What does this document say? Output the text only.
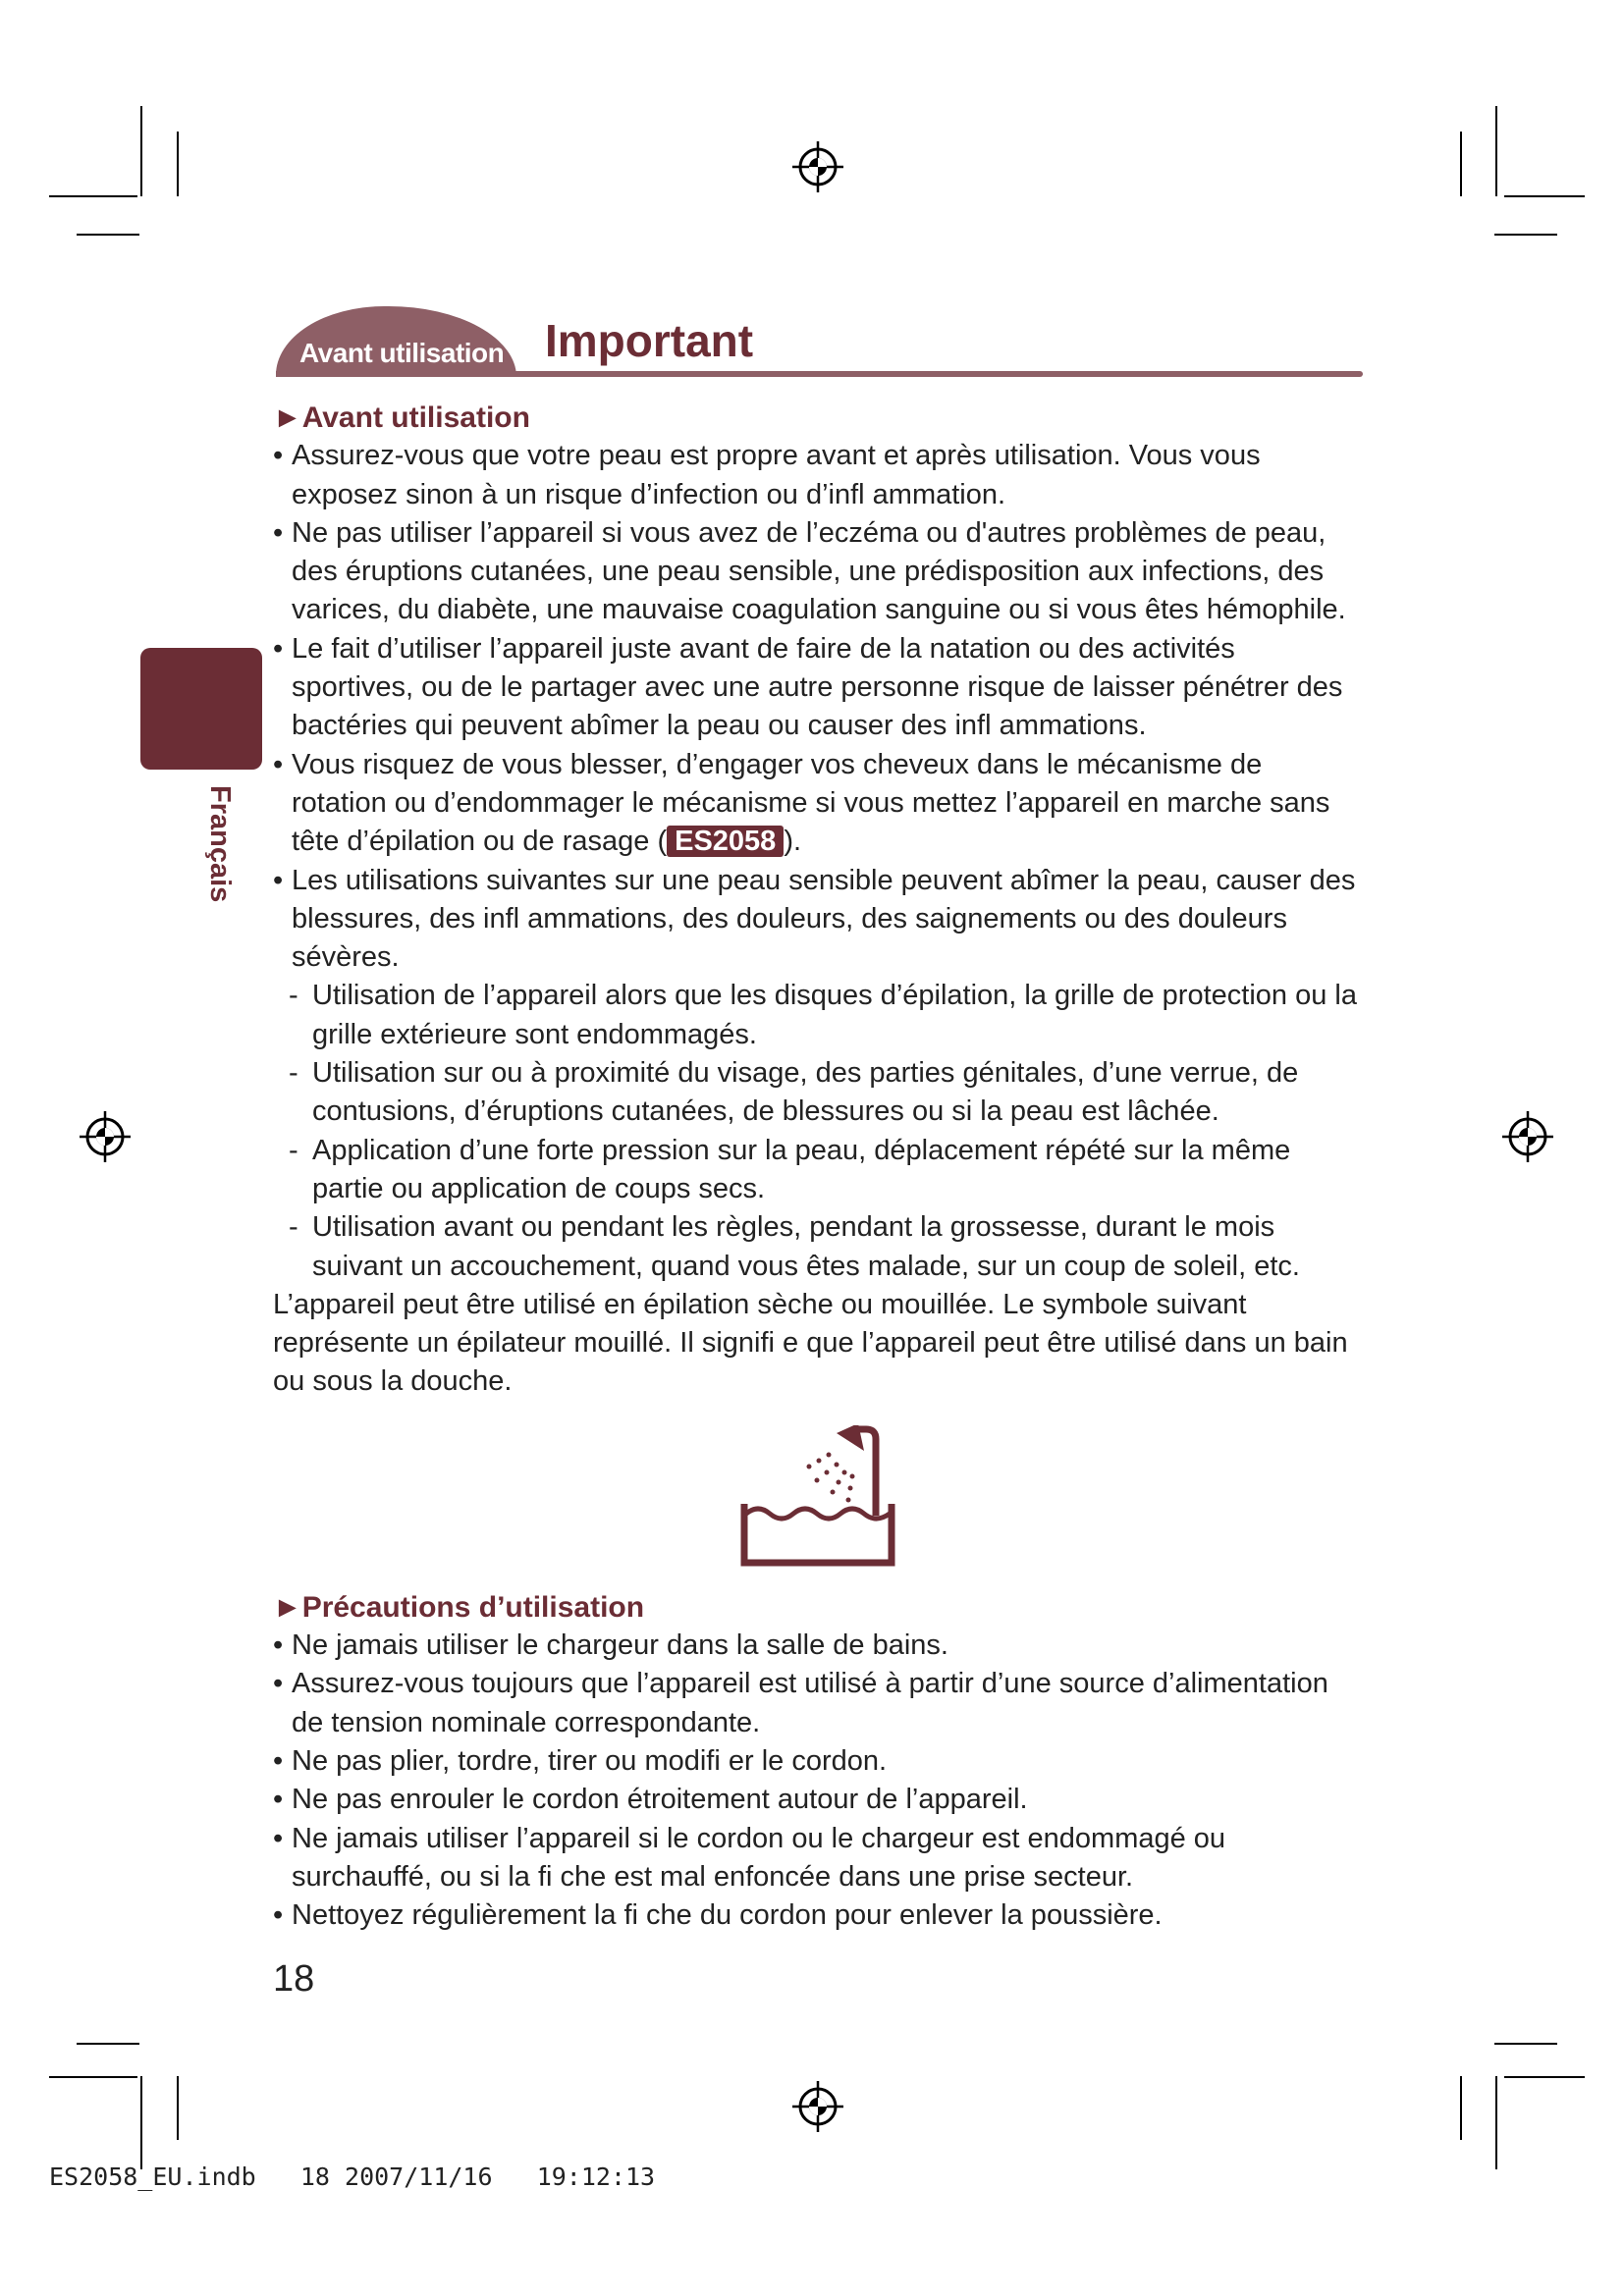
Avant utilisation Important
Français

►Avant utilisation

• Assurez-vous que votre peau est propre avant et après utilisation. Vous vous exposez sinon à un risque d’infection ou d’infl ammation.

• Ne pas utiliser l’appareil si vous avez de l’eczéma ou d'autres problèmes de peau, des éruptions cutanées, une peau sensible, une prédisposition aux infections, des varices, du diabète, une mauvaise coagulation sanguine ou si vous êtes hémophile.

• Le fait d’utiliser l’appareil juste avant de faire de la natation ou des activités sportives, ou de le partager avec une autre personne risque de laisser pénétrer des bactéries qui peuvent abîmer la peau ou causer des infl ammations.

• Vous risquez de vous blesser, d’engager vos cheveux dans le mécanisme de rotation ou d’endommager le mécanisme si vous mettez l’appareil en marche sans tête d’épilation ou de rasage ( ES2058 ).

• Les utilisations suivantes sur une peau sensible peuvent abîmer la peau, causer des blessures, des infl ammations, des douleurs, des saignements ou des douleurs sévères.

- Utilisation de l’appareil alors que les disques d’épilation, la grille de protection ou la grille extérieure sont endommagés.

- Utilisation sur ou à proximité du visage, des parties génitales, d’une verrue, de contusions, d’éruptions cutanées, de blessures ou si la peau est lâchée.

- Application d’une forte pression sur la peau, déplacement répété sur la même partie ou application de coups secs.

- Utilisation avant ou pendant les règles, pendant la grossesse, durant le mois suivant un accouchement, quand vous êtes malade, sur un coup de soleil, etc.

L’appareil peut être utilisé en épilation sèche ou mouillée. Le symbole suivant représente un épilateur mouillé. Il signifi e que l’appareil peut être utilisé dans un bain ou sous la douche.

►Précautions d’utilisation

• Ne jamais utiliser le chargeur dans la salle de bains.

• Assurez-vous toujours que l’appareil est utilisé à partir d’une source d’alimentation de tension nominale correspondante.

• Ne pas plier, tordre, tirer ou modifi er le cordon.

• Ne pas enrouler le cordon étroitement autour de l’appareil.

• Ne jamais utiliser l’appareil si le cordon ou le chargeur est endommagé ou surchauffé, ou si la fi che est mal enfoncée dans une prise secteur.

• Nettoyez régulièrement la fi che du cordon pour enlever la poussière.

18
ES2058_EU.indb   18 2007/11/16   19:12:13
